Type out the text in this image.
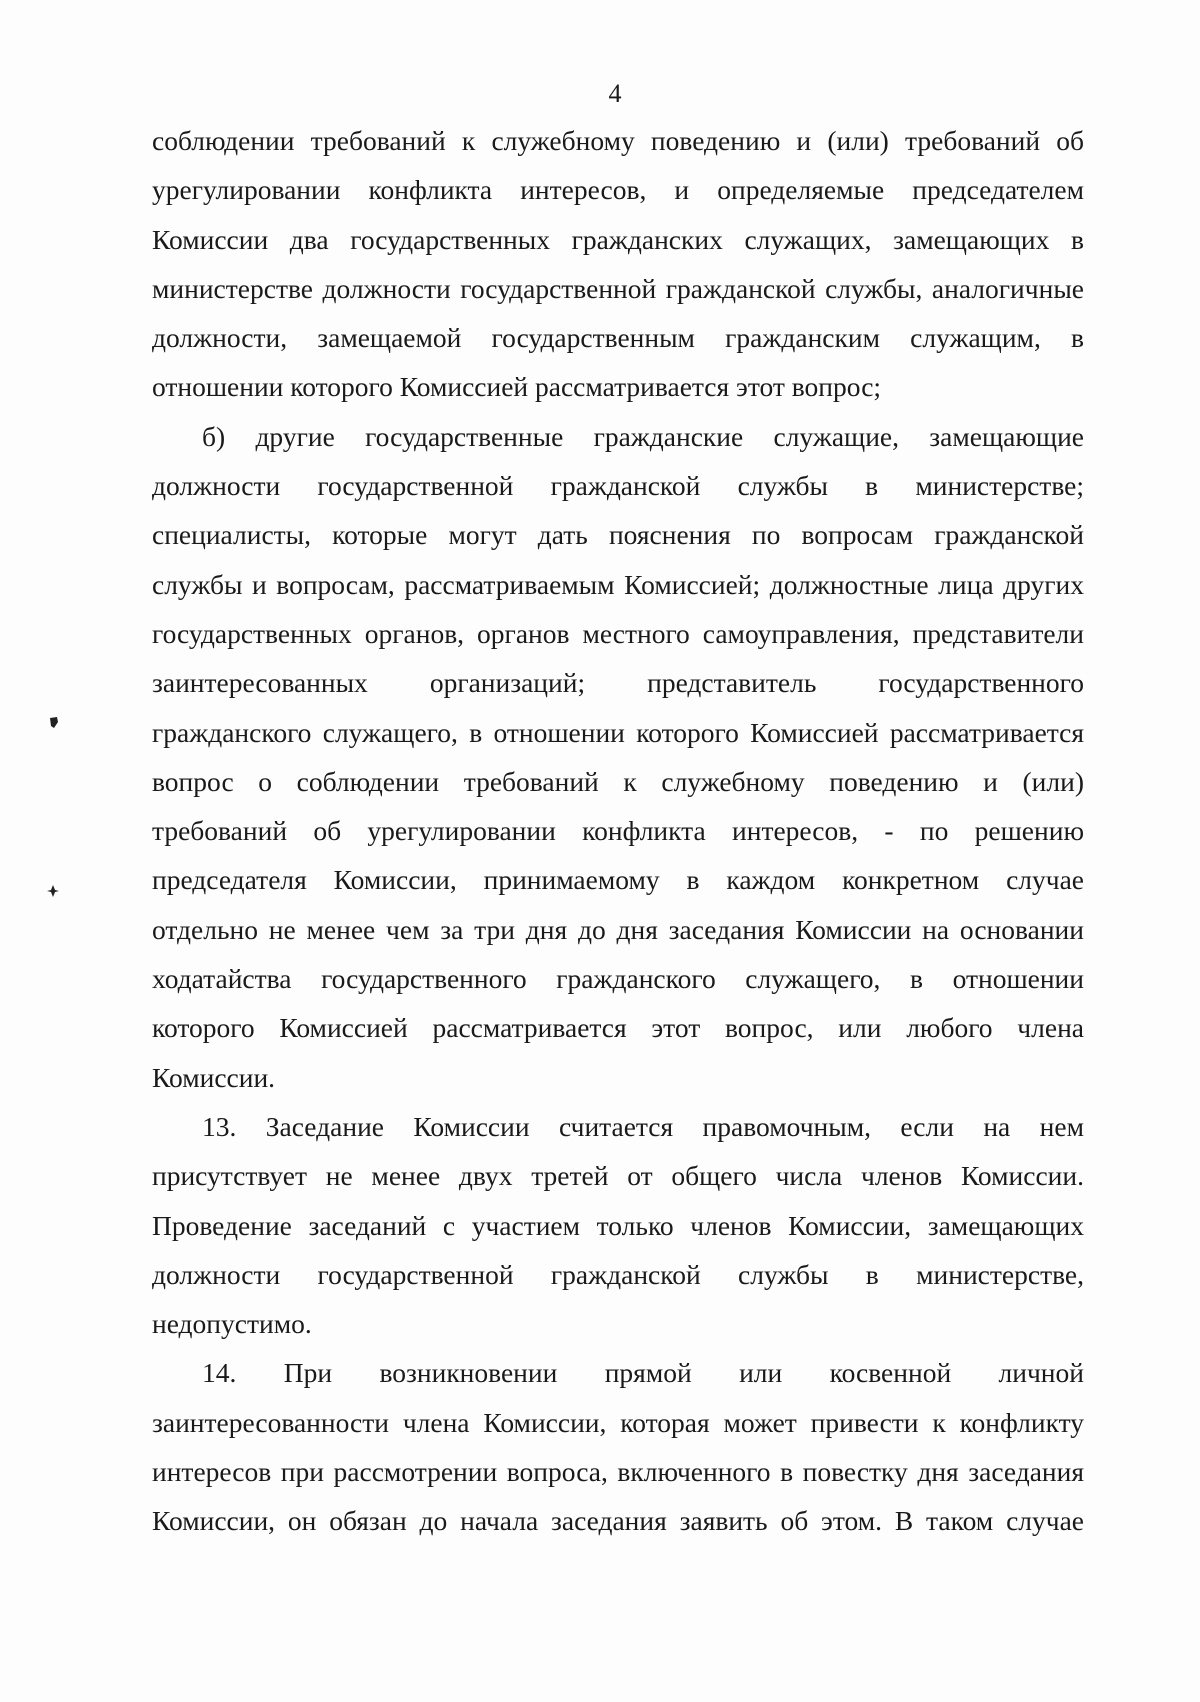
4

соблюдении требований к служебному поведению и (или) требований об

урегулировании конфликта интересов, и определяемые председателем

Комиссии два государственных гражданских служащих, замещающих в

министерстве должности государственной гражданской службы, аналогичные

должности, замещаемой государственным гражданским служащим, в

отношении которого Комиссией рассматривается этот вопрос;

б) другие государственные гражданские служащие, замещающие

должности государственной гражданской службы в министерстве;

специалисты, которые могут дать пояснения по вопросам гражданской

службы и вопросам, рассматриваемым Комиссией; должностные лица других

государственных органов, органов местного самоуправления, представители

заинтересованных организаций; представитель государственного

гражданского служащего, в отношении которого Комиссией рассматривается

вопрос о соблюдении требований к служебному поведению и (или)

требований об урегулировании конфликта интересов, - по решению

председателя Комиссии, принимаемому в каждом конкретном случае

отдельно не менее чем за три дня до дня заседания Комиссии на основании

ходатайства государственного гражданского служащего, в отношении

которого Комиссией рассматривается этот вопрос, или любого члена

Комиссии.

13. Заседание Комиссии считается правомочным, если на нем

присутствует не менее двух третей от общего числа членов Комиссии.

Проведение заседаний с участием только членов Комиссии, замещающих

должности государственной гражданской службы в министерстве,

недопустимо.

14. При возникновении прямой или косвенной личной

заинтересованности члена Комиссии, которая может привести к конфликту

интересов при рассмотрении вопроса, включенного в повестку дня заседания

Комиссии, он обязан до начала заседания заявить об этом. В таком случае
